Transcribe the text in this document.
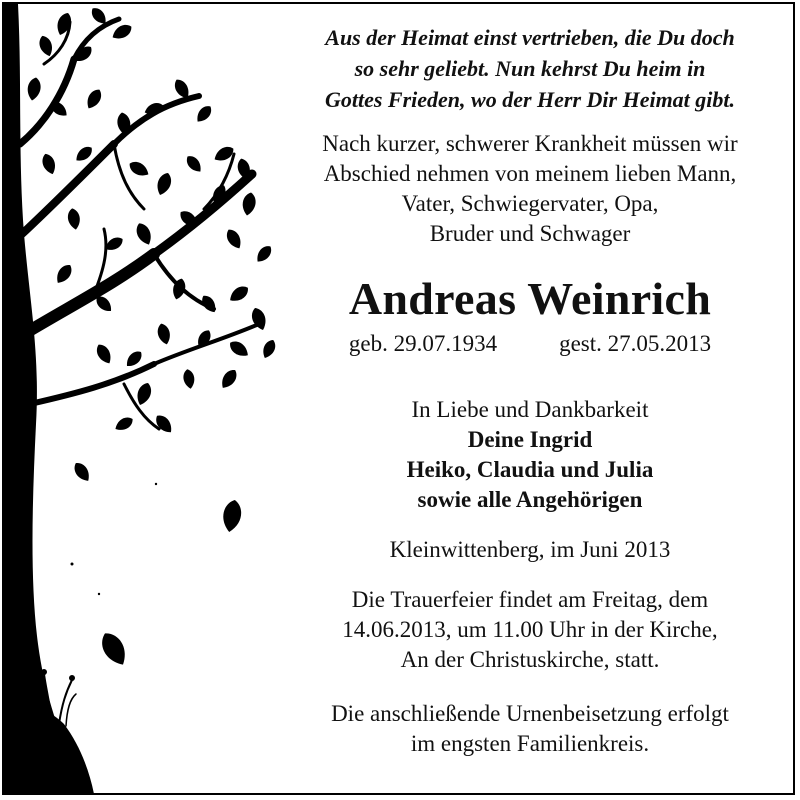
Aus der Heimat einst vertrieben, die Du doch

so sehr geliebt. Nun kehrst Du heim in

Gottes Frieden, wo der Herr Dir Heimat gibt.

Nach kurzer, schwerer Krankheit müssen wir

Abschied nehmen von meinem lieben Mann,

Vater, Schwiegervater, Opa,

Bruder und Schwager

Andreas Weinrich
geb. 29.07.1934	gest. 27.05.2013

In Liebe und Dankbarkeit

Deine Ingrid

Heiko, Claudia und Julia

sowie alle Angehörigen

Kleinwittenberg, im Juni 2013

Die Trauerfeier findet am Freitag, dem

14.06.2013, um 11.00 Uhr in der Kirche,

An der Christuskirche, statt.

Die anschließende Urnenbeisetzung erfolgt

im engsten Familienkreis.
